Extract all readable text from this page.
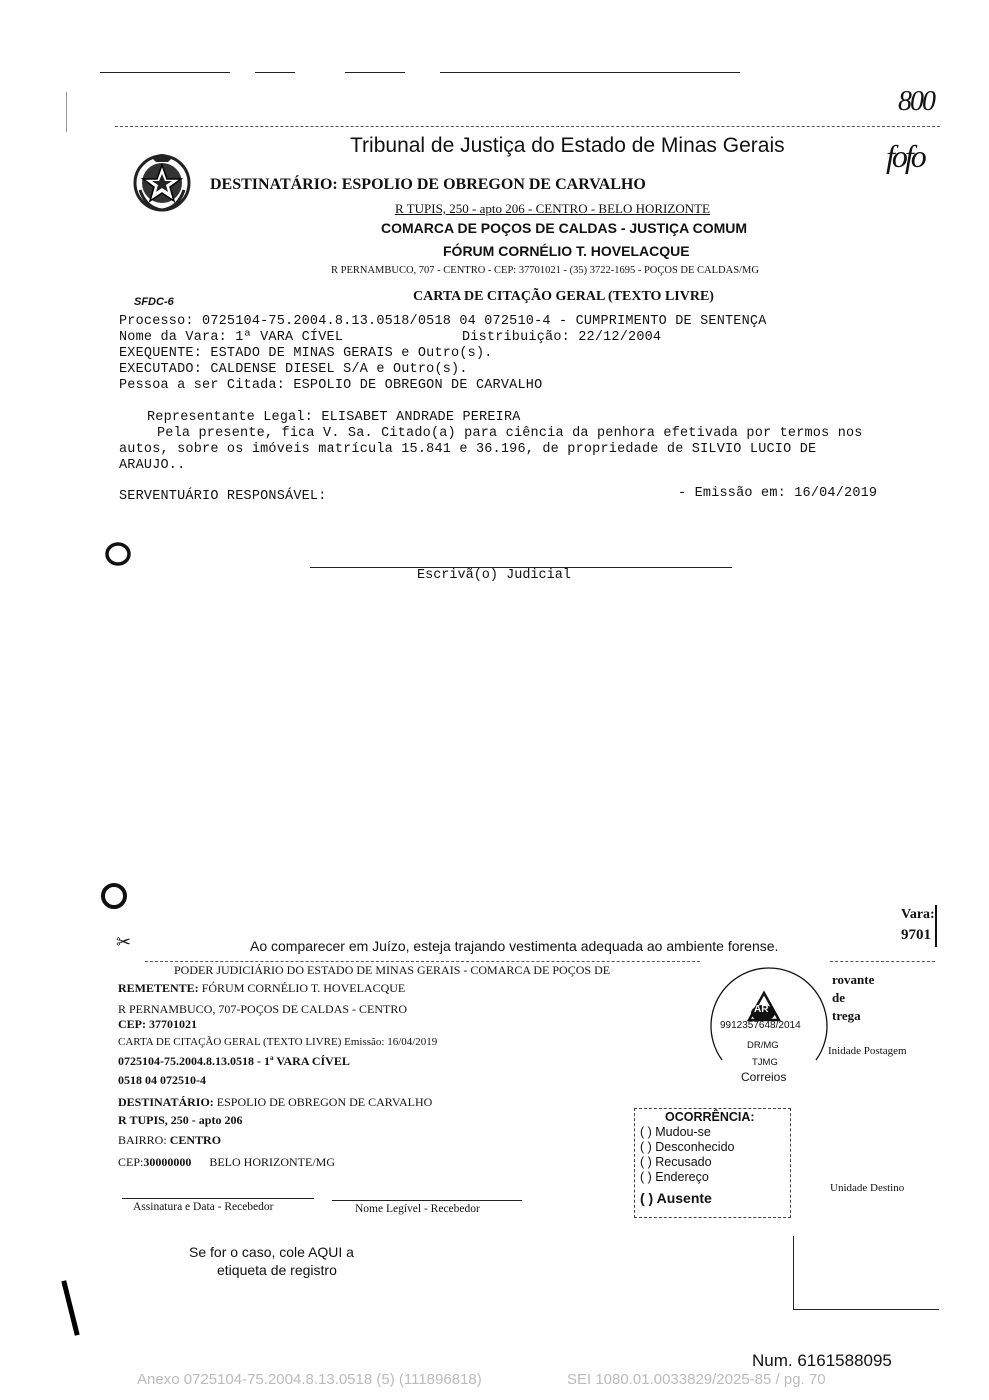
800
fofo
Tribunal de Justiça do Estado de Minas Gerais
DESTINATÁRIO: ESPOLIO DE OBREGON DE CARVALHO
R TUPIS, 250 - apto 206 - CENTRO - BELO HORIZONTE
COMARCA DE POÇOS DE CALDAS - JUSTIÇA COMUM
FÓRUM CORNÉLIO T. HOVELACQUE
R PERNAMBUCO, 707 - CENTRO - CEP: 37701021 - (35) 3722-1695 - POÇOS DE CALDAS/MG
SFDC-6	CARTA DE CITAÇÃO GERAL (TEXTO LIVRE)
Processo: 0725104-75.2004.8.13.0518/0518 04 072510-4 - CUMPRIMENTO DE SENTENÇA
Nome da Vara: 1ª VARA CÍVEL	Distribuição: 22/12/2004
EXEQUENTE: ESTADO DE MINAS GERAIS e Outro(s).
EXECUTADO: CALDENSE DIESEL S/A e Outro(s).
Pessoa a ser Citada: ESPOLIO DE OBREGON DE CARVALHO
Representante Legal: ELISABET ANDRADE PEREIRA
Pela presente, fica V. Sa. Citado(a) para ciência da penhora efetivada por termos nos
autos, sobre os imóveis matrícula 15.841 e 36.196, de propriedade de SILVIO LUCIO DE
ARAUJO..
SERVENTUÁRIO RESPONSÁVEL:	- Emissão em: 16/04/2019
Escrivã(o) Judicial
Vara:
9701
✂	Ao comparecer em Juízo, esteja trajando vestimenta adequada ao ambiente forense.
PODER JUDICIÁRIO DO ESTADO DE MINAS GERAIS - COMARCA DE POÇOS DE
REMETENTE: FÓRUM CORNÉLIO T. HOVELACQUE
R PERNAMBUCO, 707-POÇOS DE CALDAS - CENTRO
CEP: 37701021
CARTA DE CITAÇÃO GERAL (TEXTO LIVRE) Emissão: 16/04/2019
0725104-75.2004.8.13.0518 - 1ª VARA CÍVEL
0518 04 072510-4
DESTINATÁRIO: ESPOLIO DE OBREGON DE CARVALHO
R TUPIS, 250 - apto 206
BAIRRO: CENTRO
CEP:30000000 BELO HORIZONTE/MG
Assinatura e Data - Recebedor	Nome Legível - Recebedor
AR
9912357648/2014
DR/MG
TJMG
Correios
rovante
de
trega
Inidade Postagem
Unidade Destino
OCORRÊNCIA:
( ) Mudou-se
( ) Desconhecido
( ) Recusado
( ) Endereço
( ) Ausente
Se for o caso, cole AQUI a
etiqueta de registro
Num. 6161588095
Anexo 0725104-75.2004.8.13.0518 (5) (111896818)	SEI 1080.01.0033829/2025-85 / pg. 70
